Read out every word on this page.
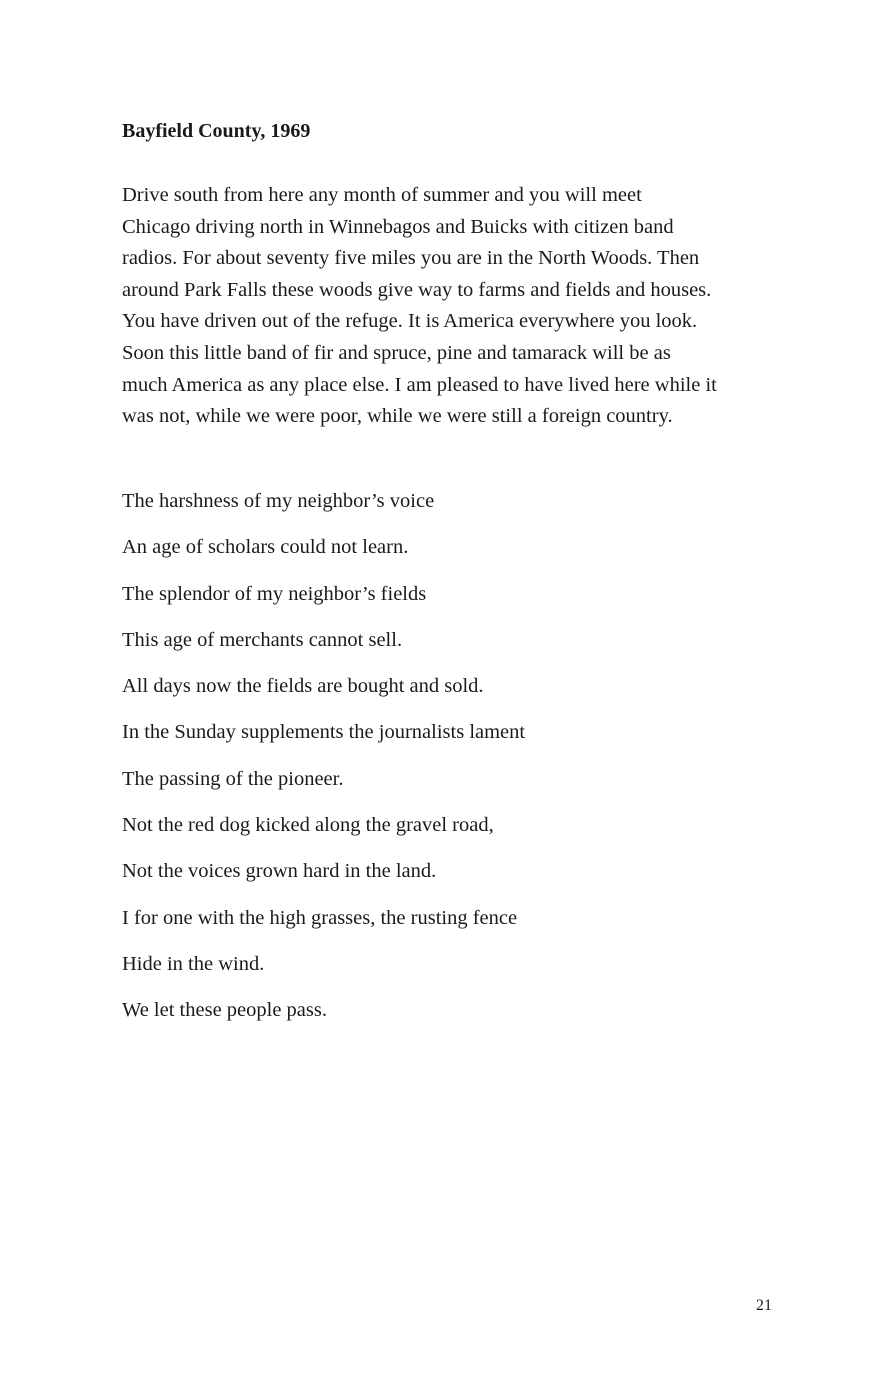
Bayfield County, 1969
Drive south from here any month of summer and you will meet
Chicago driving north in Winnebagos and Buicks with citizen band
radios. For about seventy five miles you are in the North Woods. Then
around Park Falls these woods give way to farms and fields and houses.
You have driven out of the refuge. It is America everywhere you look.
Soon this little band of fir and spruce, pine and tamarack will be as
much America as any place else. I am pleased to have lived here while it
was not, while we were poor, while we were still a foreign country.
The harshness of my neighbor’s voice
An age of scholars could not learn.
The splendor of my neighbor’s fields
This age of merchants cannot sell.
All days now the fields are bought and sold.
In the Sunday supplements the journalists lament
The passing of the pioneer.
Not the red dog kicked along the gravel road,
Not the voices grown hard in the land.
I for one with the high grasses, the rusting fence
Hide in the wind.
We let these people pass.
21
